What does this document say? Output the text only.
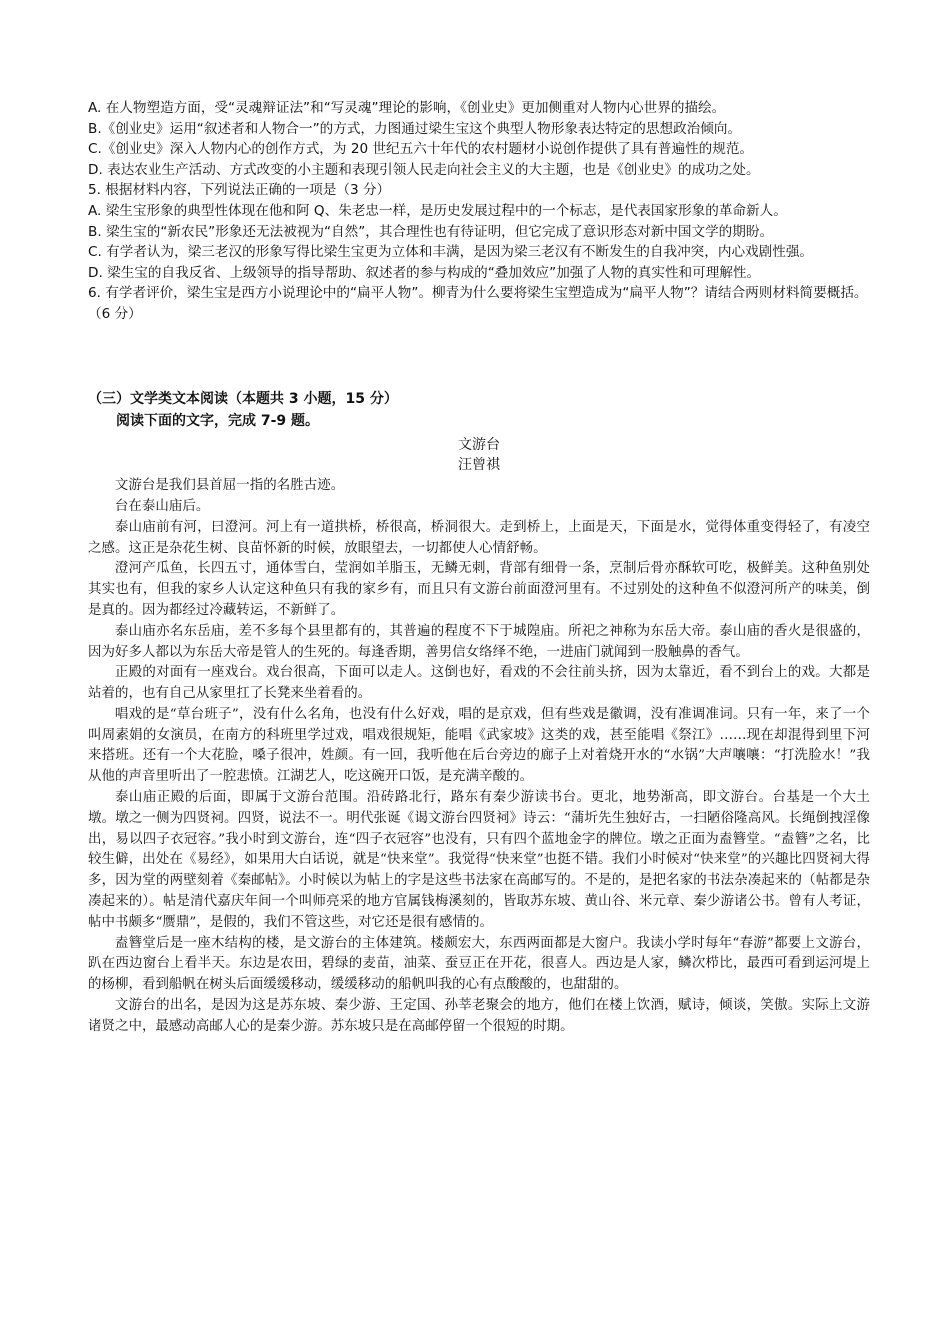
A. 在人物塑造方面，受“灵魂辩证法”和“写灵魂”理论的影响，《创业史》更加侧重对人物内心世界的描绘。

B.《创业史》运用“叙述者和人物合一”的方式，力图通过梁生宝这个典型人物形象表达特定的思想政治倾向。

C.《创业史》深入人物内心的创作方式，为 20 世纪五六十年代的农村题材小说创作提供了具有普遍性的规范。

D. 表达农业生产活动、方式改变的小主题和表现引领人民走向社会主义的大主题，也是《创业史》的成功之处。

5. 根据材料内容，下列说法正确的一项是（3 分）

A. 梁生宝形象的典型性体现在他和阿 Q、朱老忠一样，是历史发展过程中的一个标志，是代表国家形象的革命新人。

B. 梁生宝的“新农民”形象还无法被视为“自然”，其合理性也有待证明，但它完成了意识形态对新中国文学的期盼。

C. 有学者认为，梁三老汉的形象写得比梁生宝更为立体和丰满，是因为梁三老汉有不断发生的自我冲突，内心戏剧性强。

D. 梁生宝的自我反省、上级领导的指导帮助、叙述者的参与构成的“叠加效应”加强了人物的真实性和可理解性。

6. 有学者评价，梁生宝是西方小说理论中的“扁平人物”。柳青为什么要将梁生宝塑造成为“扁平人物”？请结合两则材料简要概括。（6 分）

（三）文学类文本阅读（本题共 3 小题，15 分）

阅读下面的文字，完成 7-9 题。

文游台

汪曾祺

文游台是我们县首屈一指的名胜古迹。

台在泰山庙后。

泰山庙前有河，曰澄河。河上有一道拱桥，桥很高，桥洞很大。走到桥上，上面是天，下面是水，觉得体重变得轻了，有凌空之感。这正是杂花生树、良苗怀新的时候，放眼望去，一切都使人心情舒畅。

澄河产瓜鱼，长四五寸，通体雪白，莹润如羊脂玉，无鳞无刺，背部有细骨一条，烹制后骨亦酥软可吃，极鲜美。这种鱼别处其实也有，但我的家乡人认定这种鱼只有我的家乡有，而且只有文游台前面澄河里有。不过别处的这种鱼不似澄河所产的味美，倒是真的。因为都经过冷藏转运，不新鲜了。

泰山庙亦名东岳庙，差不多每个县里都有的，其普遍的程度不下于城隍庙。所祀之神称为东岳大帝。泰山庙的香火是很盛的，因为好多人都以为东岳大帝是管人的生死的。每逢香期，善男信女络绎不绝，一进庙门就闻到一股触鼻的香气。

正殿的对面有一座戏台。戏台很高，下面可以走人。这倒也好，看戏的不会往前头挤，因为太靠近，看不到台上的戏。大都是站着的，也有自己从家里扛了长凳来坐着看的。

唱戏的是“草台班子”，没有什么名角，也没有什么好戏，唱的是京戏，但有些戏是徽调，没有准调准词。只有一年，来了一个叫周素娟的女演员，在南方的科班里学过戏，唱戏很规矩，能唱《武家坡》这类的戏，甚至能唱《祭江》……现在却混得到里下河来搭班。还有一个大花脸，嗓子很冲，姓颜。有一回，我听他在后台旁边的廊子上对着烧开水的“水锅”大声嚷嚷：“打洗脸水！”我从他的声音里听出了一腔悲愤。江湖艺人，吃这碗开口饭，是充满辛酸的。

泰山庙正殿的后面，即属于文游台范围。沿砖路北行，路东有秦少游读书台。更北，地势渐高，即文游台。台基是一个大土墩。墩之一侧为四贤祠。四贤，说法不一。明代张诞《谒文游台四贤祠》诗云：“蒲圻先生独好古，一扫陋俗隆高风。长绳倒拽淫像出，易以四子衣冠容。”我小时到文游台，连“四子衣冠容”也没有，只有四个蓝地金字的牌位。墩之正面为盍簪堂。“盍簪”之名，比较生僻，出处在《易经》，如果用大白话说，就是“快来堂”。我觉得“快来堂”也挺不错。我们小时候对“快来堂”的兴趣比四贤祠大得多，因为堂的两壁刻着《秦邮帖》。小时候以为帖上的字是这些书法家在高邮写的。不是的，是把名家的书法杂凑起来的（帖都是杂凑起来的）。帖是清代嘉庆年间一个叫师亮采的地方官属钱梅溪刻的，皆取苏东坡、黄山谷、米元章、秦少游诸公书。曾有人考证，帖中书颇多“赝鼎”，是假的，我们不管这些，对它还是很有感情的。

盍簪堂后是一座木结构的楼，是文游台的主体建筑。楼颇宏大，东西两面都是大窗户。我读小学时每年“春游”都要上文游台，趴在西边窗台上看半天。东边是农田，碧绿的麦苗，油菜、蚕豆正在开花，很喜人。西边是人家，鳞次栉比，最西可看到运河堤上的杨柳，看到船帆在树头后面缓缓移动，缓缓移动的船帆叫我的心有点酸酸的，也甜甜的。

文游台的出名，是因为这是苏东坡、秦少游、王定国、孙莘老聚会的地方，他们在楼上饮酒，赋诗，倾谈，笑傲。实际上文游诸贤之中，最感动高邮人心的是秦少游。苏东坡只是在高邮停留一个很短的时期。
